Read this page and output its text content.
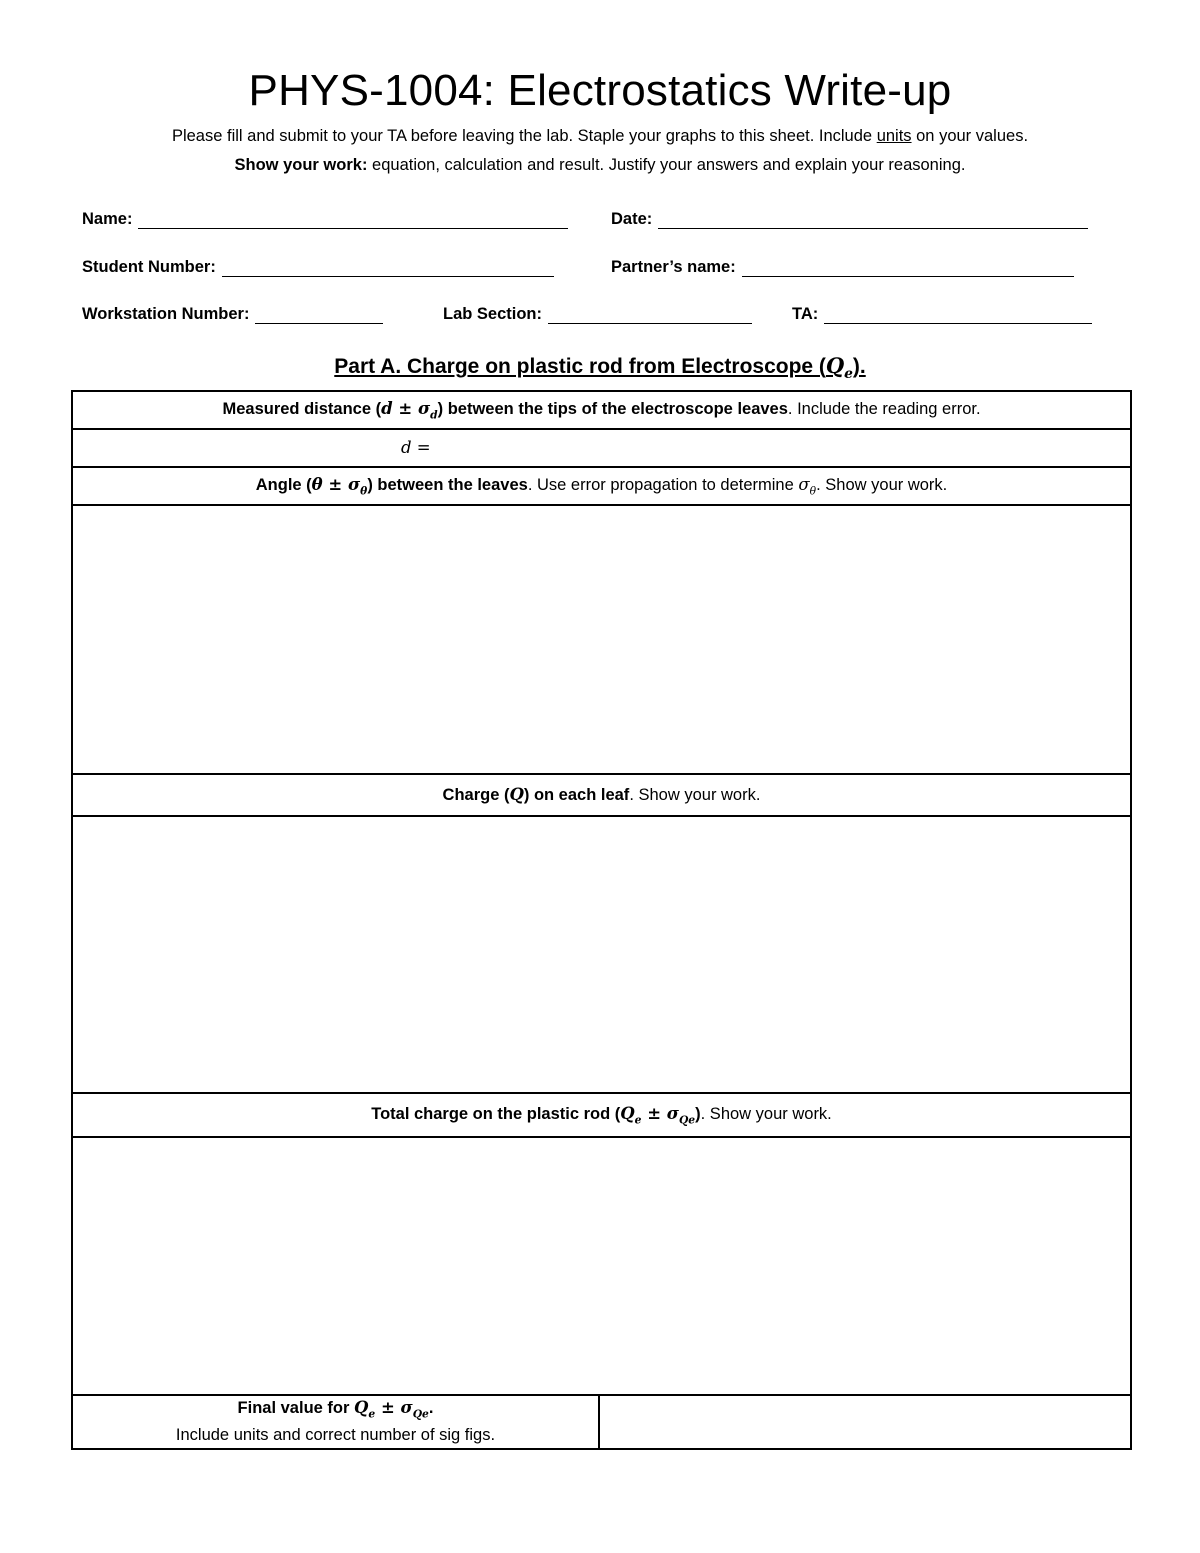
PHYS-1004: Electrostatics Write-up
Please fill and submit to your TA before leaving the lab. Staple your graphs to this sheet. Include units on your values.
Show your work: equation, calculation and result. Justify your answers and explain your reasoning.
Name:	Date:
Student Number:	Partner’s name:
Workstation Number:	Lab Section:	TA:
Part A. Charge on plastic rod from Electroscope $(Q_e)$.
Measured distance $(d \pm \sigma_d)$ between the tips of the electroscope leaves. Include the reading error.
d =
Angle $(\theta \pm \sigma_\theta)$ between the leaves. Use error propagation to determine $\sigma_\theta$. Show your work.

Charge (Q) on each leaf. Show your work.

Total charge on the plastic rod $(Q_e \pm \sigma_{Qe})$. Show your work.

Final value for $Q_e \pm \sigma_{Qe}$.
Include units and correct number of sig figs.
